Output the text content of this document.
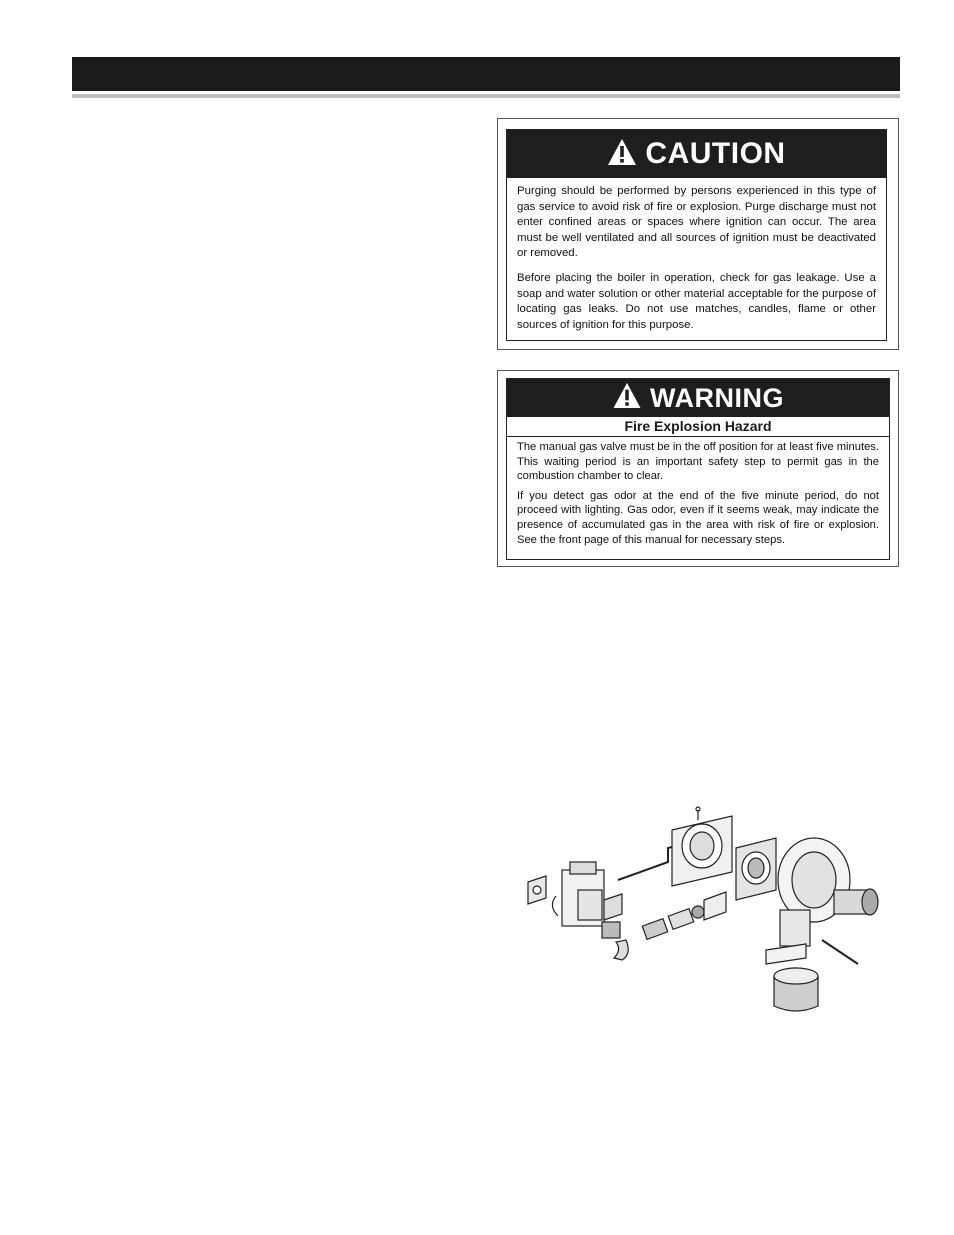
CAUTION

Purging should be performed by persons experienced in this type of gas service to avoid risk of fire or explosion. Purge discharge must not enter confined areas or spaces where ignition can occur. The area must be well ventilated and all sources of ignition must be deactivated or removed.

Before placing the boiler in operation, check for gas leakage. Use a soap and water solution or other material acceptable for the purpose of locating gas leaks. Do not use matches, candles, flame or other sources of ignition for this purpose.

WARNING
Fire Explosion Hazard

The manual gas valve must be in the off position for at least five minutes. This waiting period is an important safety step to permit gas in the combustion chamber to clear.

If you detect gas odor at the end of the five minute period, do not proceed with lighting. Gas odor, even if it seems weak, may indicate the presence of accumulated gas in the area with risk of fire or explosion. See the front page of this manual for necessary steps.
